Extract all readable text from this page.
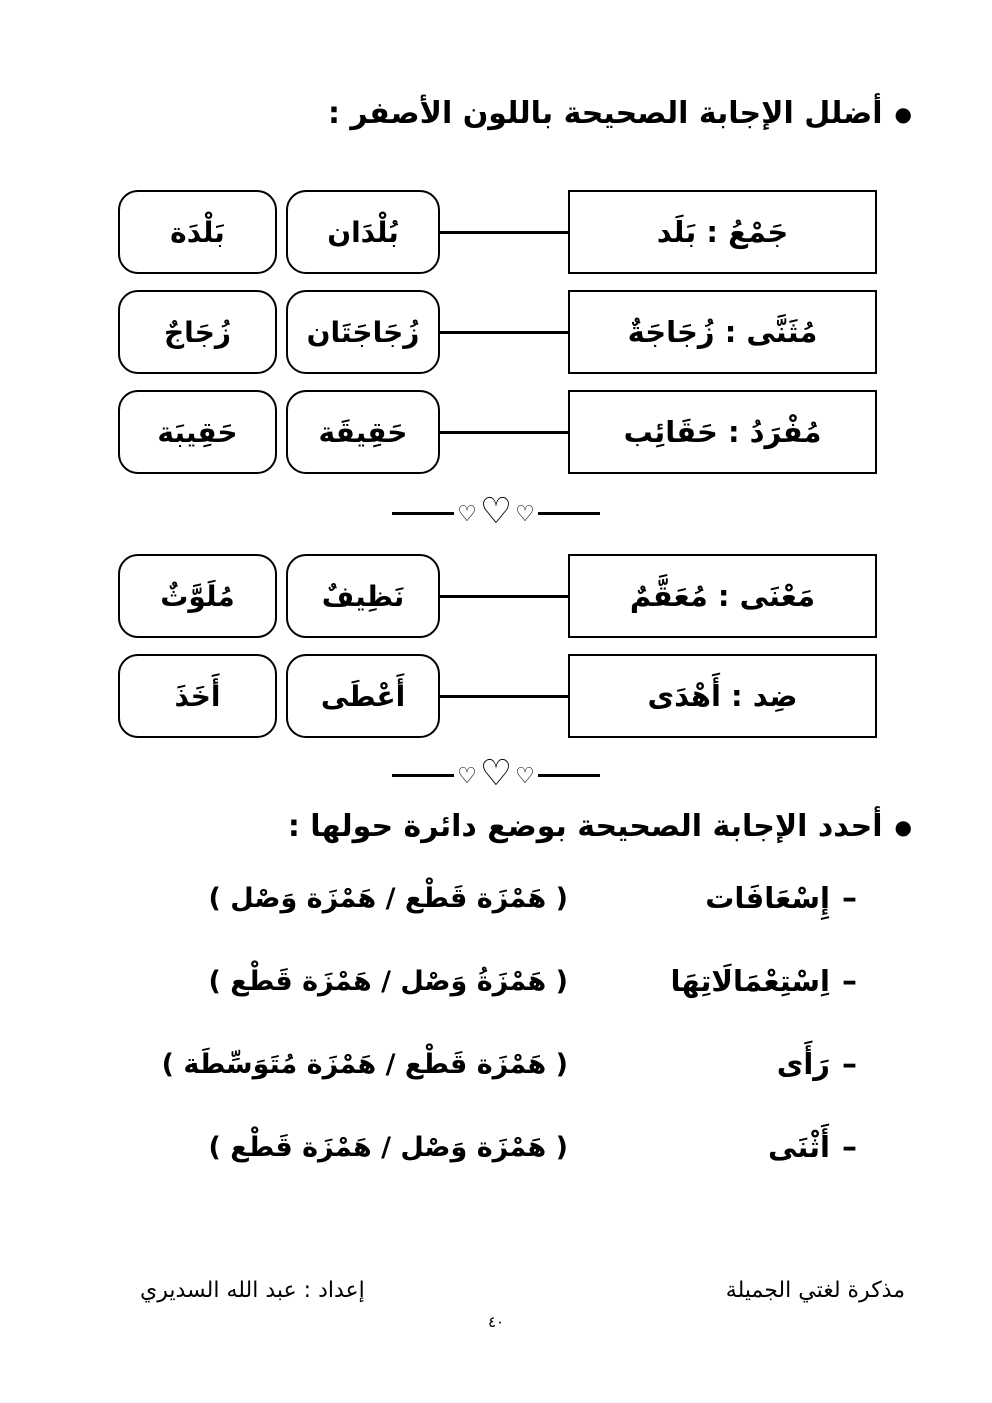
●
أضلل الإجابة الصحيحة باللون الأصفر :
جَمْعُ : بَلَد
بُلْدَان
بَلْدَة
مُثَنَّى : زُجَاجَةٌ
زُجَاجَتَان
زُجَاجٌ
مُفْرَدُ : حَقَائِب
حَقِيقَة
حَقِيبَة
♡
♡
♡
مَعْنَى : مُعَقَّمٌ
نَظِيفٌ
مُلَوَّثٌ
ضِد : أَهْدَى
أَعْطَى
أَخَذَ
♡
♡
♡
●
أحدد الإجابة الصحيحة بوضع دائرة حولها :
–
إِسْعَافَات
( هَمْزَة قَطْع / هَمْزَة وَصْل )
–
اِسْتِعْمَالَاتِهَا
( هَمْزَةُ وَصْل / هَمْزَة قَطْع )
–
رَأَى
( هَمْزَة قَطْع / هَمْزَة مُتَوَسِّطَة )
–
أَثْنَى
( هَمْزَة وَصْل / هَمْزَة قَطْع )
مذكرة لغتي الجميلة
إعداد : عبد الله السديري
٤٠
